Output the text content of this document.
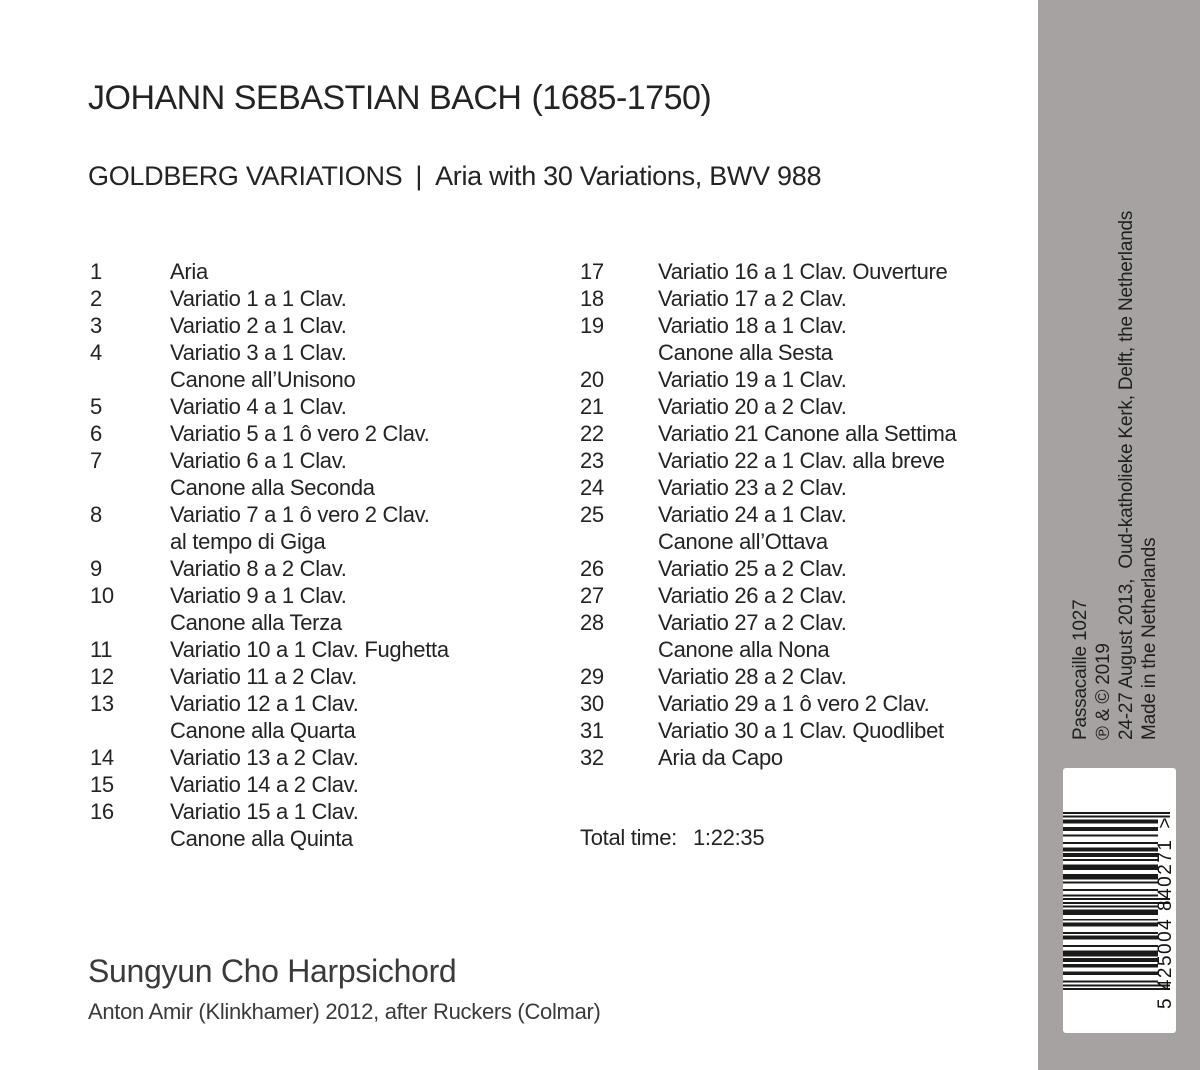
JOHANN SEBASTIAN BACH (1685-1750)
GOLDBERG VARIATIONS | Aria with 30 Variations, BWV 988
1	Aria
2	Variatio 1 a 1 Clav.
3	Variatio 2 a 1 Clav.
4	Variatio 3 a 1 Clav.
Canone all’Unisono
5	Variatio 4 a 1 Clav.
6	Variatio 5 a 1 ô vero 2 Clav.
7	Variatio 6 a 1 Clav.
Canone alla Seconda
8	Variatio 7 a 1 ô vero 2 Clav.
al tempo di Giga
9	Variatio 8 a 2 Clav.
10	Variatio 9 a 1 Clav.
Canone alla Terza
11	Variatio 10 a 1 Clav. Fughetta
12	Variatio 11 a 2 Clav.
13	Variatio 12 a 1 Clav.
Canone alla Quarta
14	Variatio 13 a 2 Clav.
15	Variatio 14 a 2 Clav.
16	Variatio 15 a 1 Clav.
Canone alla Quinta
17	Variatio 16 a 1 Clav. Ouverture
18	Variatio 17 a 2 Clav.
19	Variatio 18 a 1 Clav.
Canone alla Sesta
20	Variatio 19 a 1 Clav.
21	Variatio 20 a 2 Clav.
22	Variatio 21 Canone alla Settima
23	Variatio 22 a 1 Clav. alla breve
24	Variatio 23 a 2 Clav.
25	Variatio 24 a 1 Clav.
Canone all’Ottava
26	Variatio 25 a 2 Clav.
27	Variatio 26 a 2 Clav.
28	Variatio 27 a 2 Clav.
Canone alla Nona
29	Variatio 28 a 2 Clav.
30	Variatio 29 a 1 ô vero 2 Clav.
31	Variatio 30 a 1 Clav. Quodlibet
32	Aria da Capo
Total time: 1:22:35
Sungyun Cho Harpsichord
Anton Amir (Klinkhamer) 2012, after Ruckers (Colmar)
Passacaille 1027 ℗ & © 2019 24-27 August 2013,  Oud-katholieke Kerk, Delft, the Netherlands Made in the Netherlands
5 425004 840271>
